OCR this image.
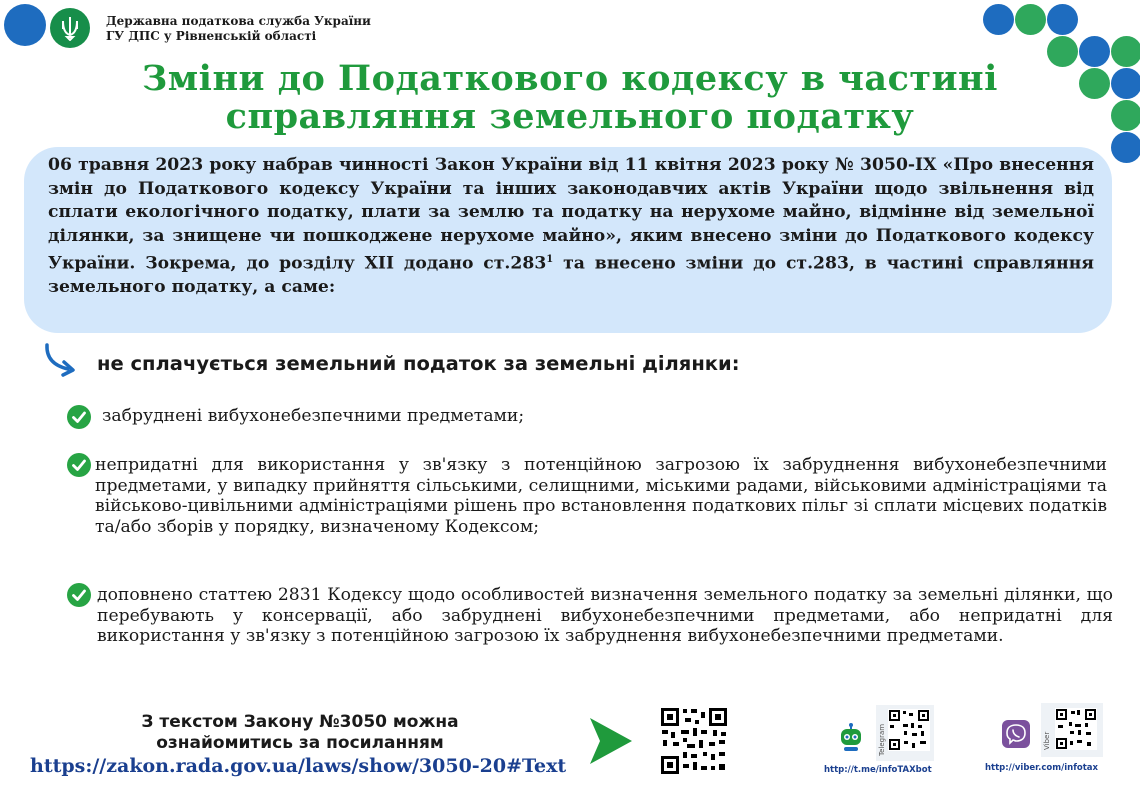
Державна податкова служба України
ГУ ДПС у Рівненській області
Зміни до Податкового кодексу в частині
справляння земельного податку
06 травня 2023 року набрав чинності Закон України від 11 квітня 2023 року № 3050-IX «Про внесення змін до Податкового кодексу України та інших законодавчих актів України щодо звільнення від сплати екологічного податку, плати за землю та податку на нерухоме майно, відмінне від земельної ділянки, за знищене чи пошкоджене нерухоме майно», яким внесено зміни до Податкового кодексу України. Зокрема, до розділу XII додано ст.283$^1$ та внесено зміни до ст.283, в частині справляння земельного податку, а саме:
не сплачується земельний податок за земельні ділянки:
забруднені вибухонебезпечними предметами;
непридатні для використання у зв'язку з потенційною загрозою їх забруднення вибухонебезпечними предметами, у випадку прийняття сільськими, селищними, міськими радами, військовими адміністраціями та військово-цивільними адміністраціями рішень про встановлення податкових пільг зі сплати місцевих податків та/або зборів у порядку, визначеному Кодексом;
доповнено статтею 2831 Кодексу щодо особливостей визначення земельного податку за земельні ділянки, що перебувають у консервації, або забруднені вибухонебезпечними предметами, або непридатні для використання у зв'язку з потенційною загрозою їх забруднення вибухонебезпечними предметами.
З текстом Закону №3050 можна
ознайомитись за посиланням
https://zakon.rada.gov.ua/laws/show/3050-20#Text
Telegram
http://t.me/infoTAXbot
Viber
http://viber.com/infotax
